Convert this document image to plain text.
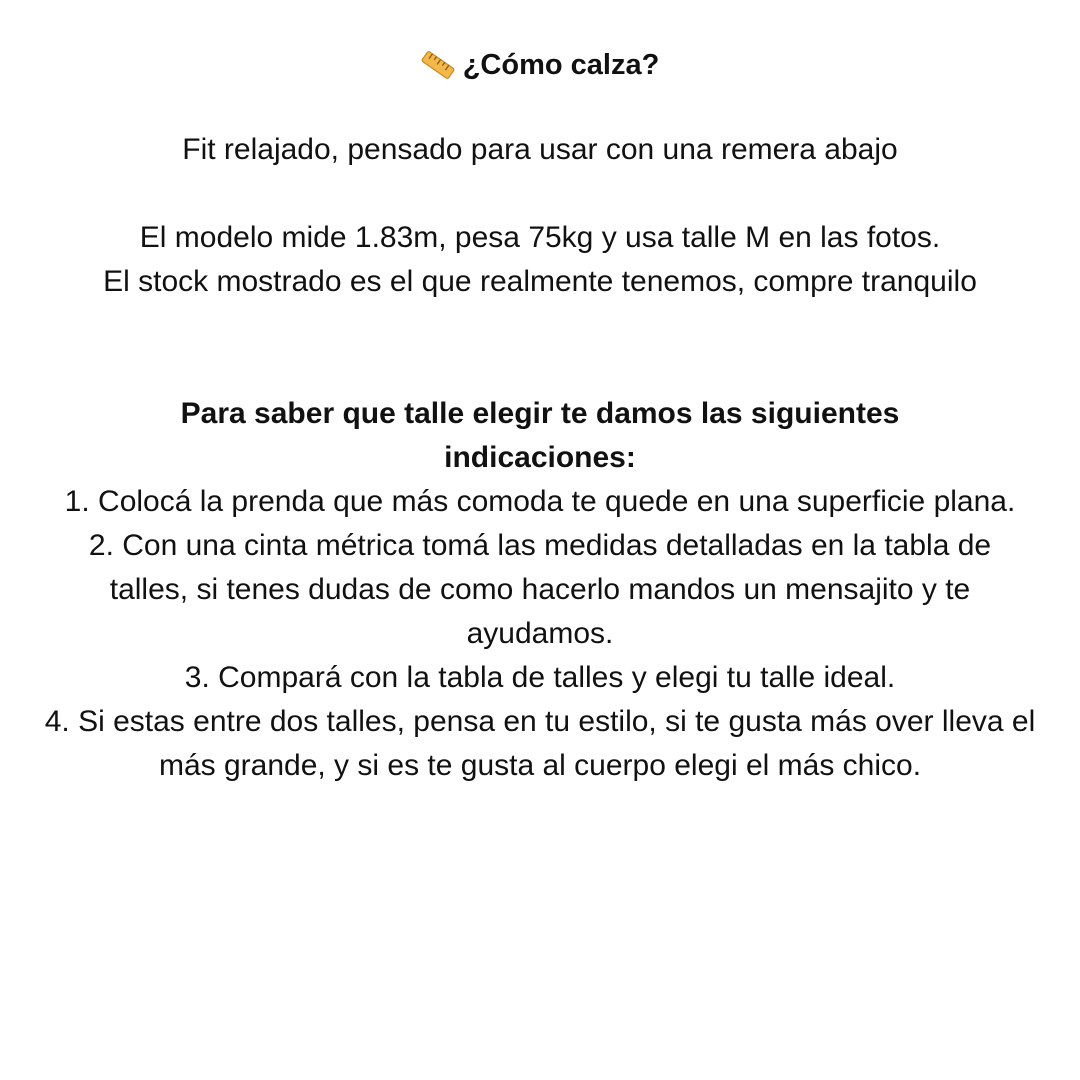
¿Cómo calza?

Fit relajado, pensado para usar con una remera abajo

El modelo mide 1.83m, pesa 75kg y usa talle M en las fotos.

El stock mostrado es el que realmente tenemos, compre tranquilo

Para saber que talle elegir te damos las siguientes indicaciones:

1. Colocá la prenda que más comoda te quede en una superficie plana.
2. Con una cinta métrica tomá las medidas detalladas en la tabla de talles, si tenes dudas de como hacerlo mandos un mensajito y te ayudamos.
3. Compará con la tabla de talles y elegi tu talle ideal.
4. Si estas entre dos talles, pensa en tu estilo, si te gusta más over lleva el más grande, y si es te gusta al cuerpo elegi el más chico.
